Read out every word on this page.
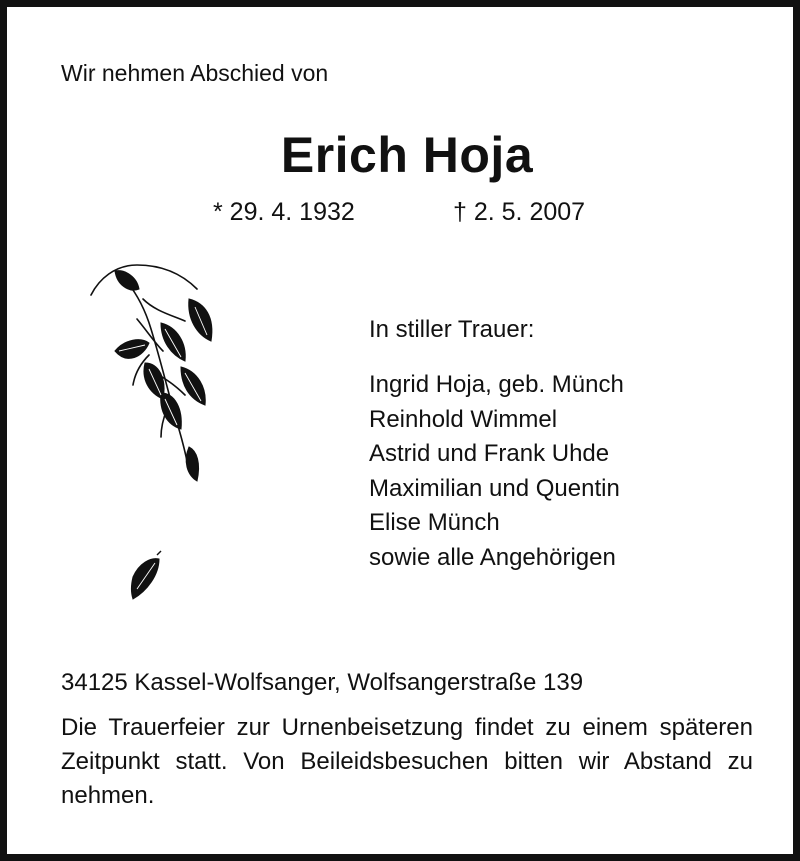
Wir nehmen Abschied von
Erich Hoja
* 29. 4. 1932	† 2. 5. 2007
In stiller Trauer:
Ingrid Hoja, geb. Münch
Reinhold Wimmel
Astrid und Frank Uhde
Maximilian und Quentin
Elise Münch
sowie alle Angehörigen
34125 Kassel-Wolfsanger, Wolfsangerstraße 139
Die Trauerfeier zur Urnenbeisetzung findet zu einem späteren Zeitpunkt statt. Von Beileidsbesuchen bitten wir Abstand zu nehmen.
